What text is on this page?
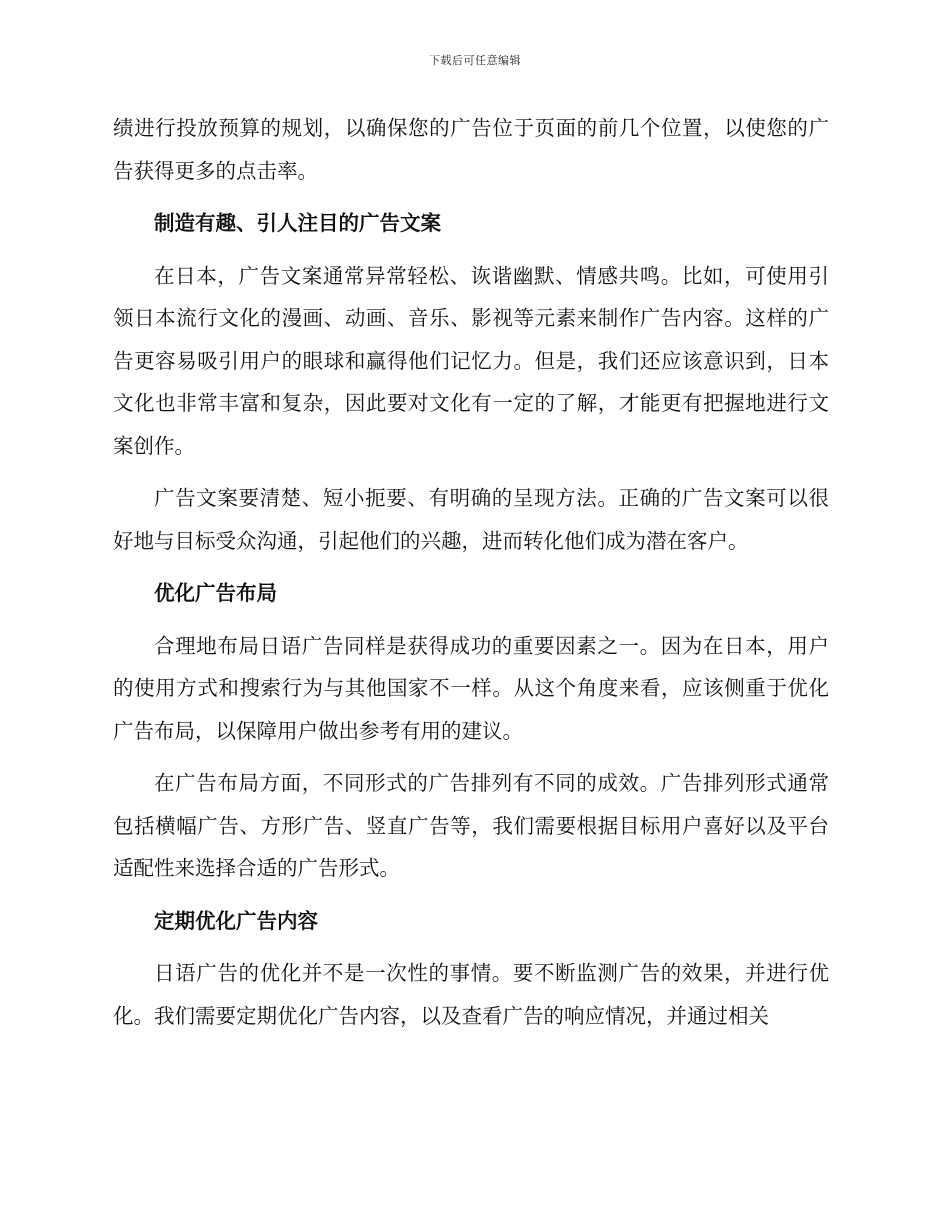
下载后可任意编辑

绩进行投放预算的规划，以确保您的广告位于页面的前几个位置，以使您的广告获得更多的点击率。

制造有趣、引人注目的广告文案

在日本，广告文案通常异常轻松、诙谐幽默、情感共鸣。比如，可使用引领日本流行文化的漫画、动画、音乐、影视等元素来制作广告内容。这样的广告更容易吸引用户的眼球和赢得他们记忆力。但是，我们还应该意识到，日本文化也非常丰富和复杂，因此要对文化有一定的了解，才能更有把握地进行文案创作。

广告文案要清楚、短小扼要、有明确的呈现方法。正确的广告文案可以很好地与目标受众沟通，引起他们的兴趣，进而转化他们成为潜在客户。

优化广告布局

合理地布局日语广告同样是获得成功的重要因素之一。因为在日本，用户的使用方式和搜索行为与其他国家不一样。从这个角度来看，应该侧重于优化广告布局，以保障用户做出参考有用的建议。

在广告布局方面，不同形式的广告排列有不同的成效。广告排列形式通常包括横幅广告、方形广告、竖直广告等，我们需要根据目标用户喜好以及平台适配性来选择合适的广告形式。

定期优化广告内容

日语广告的优化并不是一次性的事情。要不断监测广告的效果，并进行优化。我们需要定期优化广告内容，以及查看广告的响应情况，并通过相关
